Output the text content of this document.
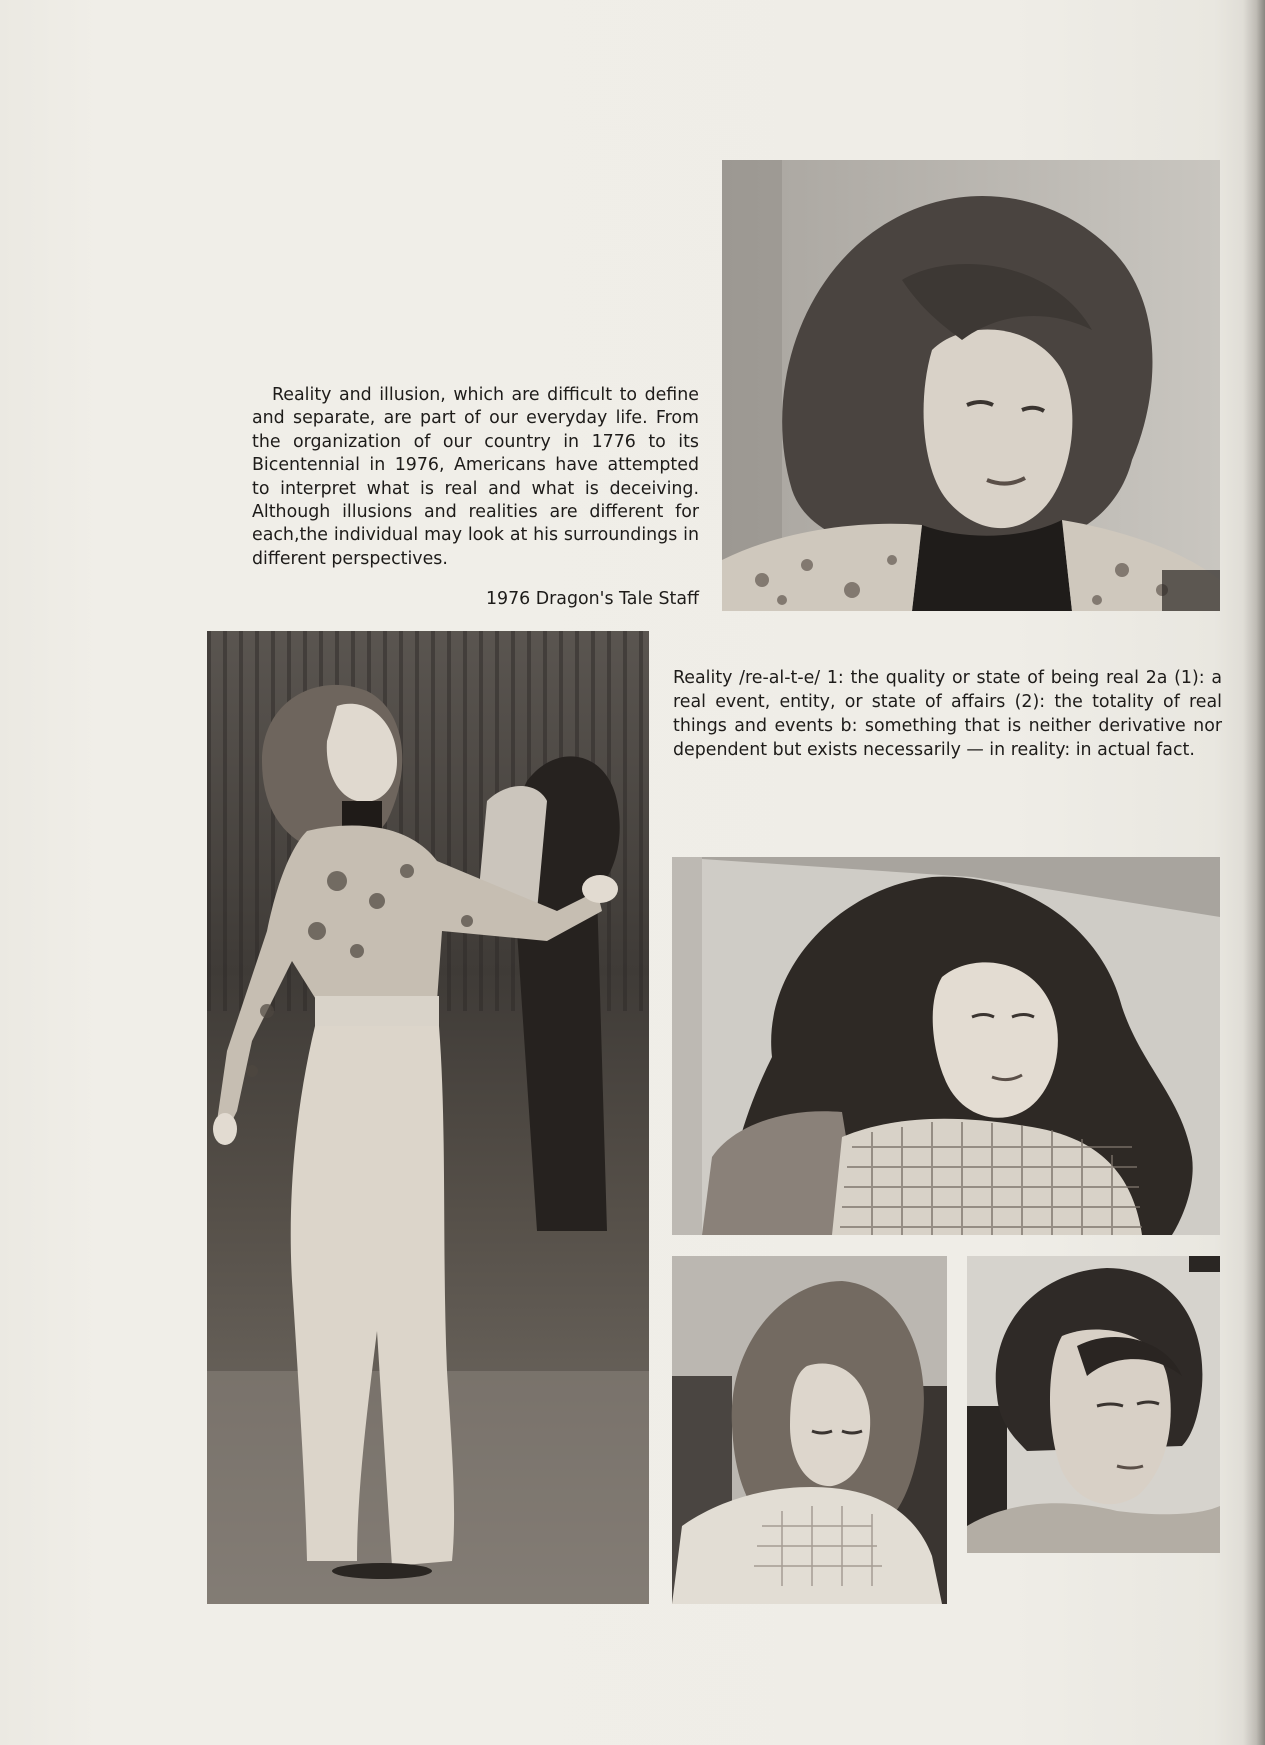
Reality and illusion, which are difficult to define and separate, are part of our everyday life. From the organization of our country in 1776 to its Bicentennial in 1976, Americans have attempted to interpret what is real and what is deceiving. Although illusions and realities are different for each,the individual may look at his surroundings in different perspectives.

1976 Dragon's Tale Staff

Reality /re-al-t-e/ 1: the quality or state of being real 2a (1): a real event, entity, or state of affairs (2): the totality of real things and events b: something that is neither derivative nor dependent but exists necessarily — in reality: in actual fact.
